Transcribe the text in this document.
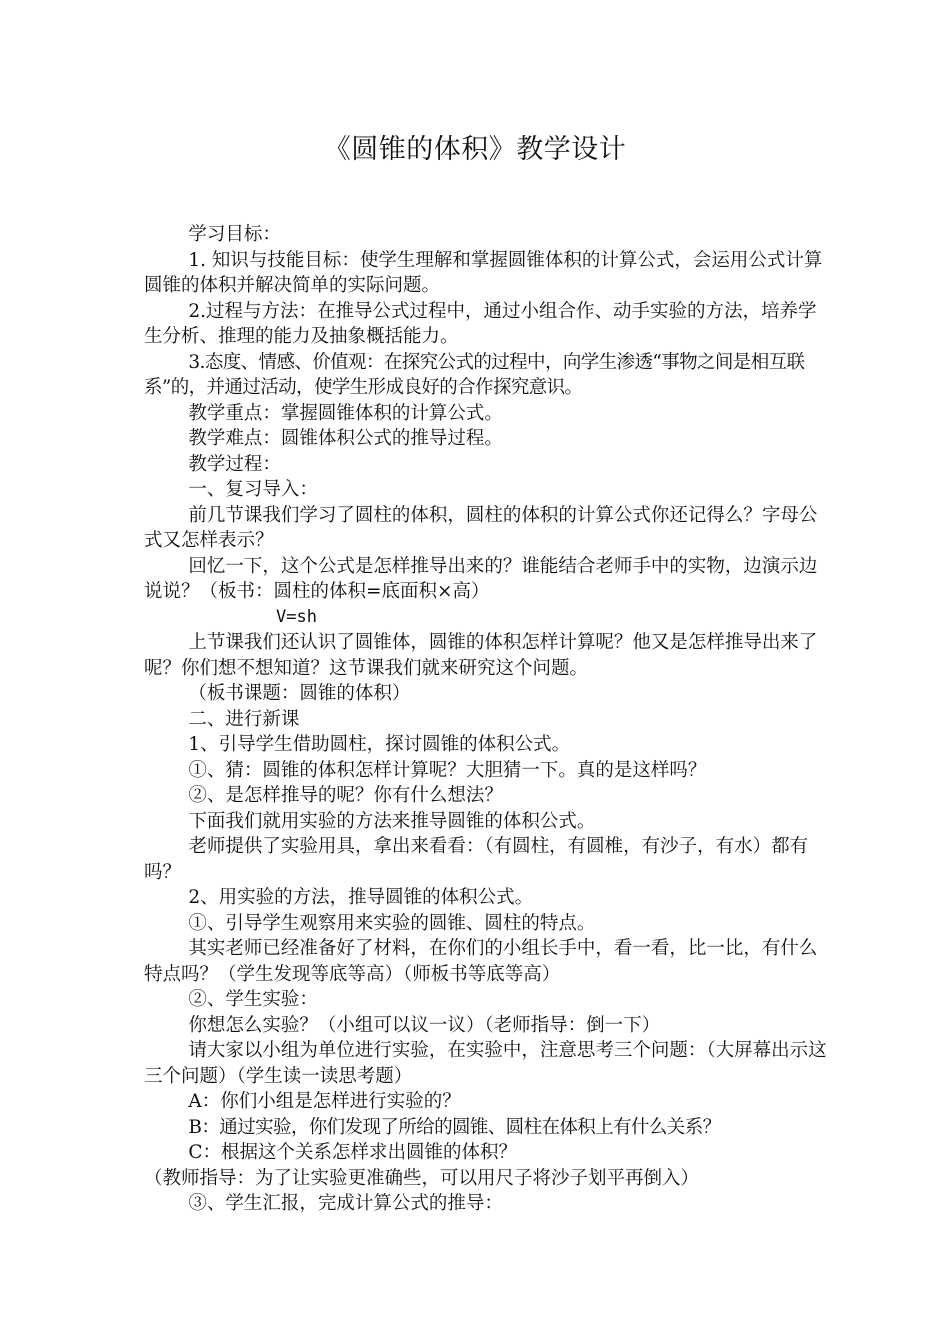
《圆锥的体积》教学设计

学习目标：

1. 知识与技能目标：使学生理解和掌握圆锥体积的计算公式，会运用公式计算圆锥的体积并解决简单的实际问题。

2.过程与方法：在推导公式过程中，通过小组合作、动手实验的方法，培养学生分析、推理的能力及抽象概括能力。

3.态度、情感、价值观：在探究公式的过程中，向学生渗透“事物之间是相互联系”的，并通过活动，使学生形成良好的合作探究意识。

教学重点：掌握圆锥体积的计算公式。

教学难点：圆锥体积公式的推导过程。

教学过程：

一、复习导入：

前几节课我们学习了圆柱的体积，圆柱的体积的计算公式你还记得么？字母公式又怎样表示？

回忆一下，这个公式是怎样推导出来的？谁能结合老师手中的实物，边演示边说说？（板书：圆柱的体积=底面积×高）

V=sh

上节课我们还认识了圆锥体，圆锥的体积怎样计算呢？他又是怎样推导出来了呢？你们想不想知道？这节课我们就来研究这个问题。

（板书课题：圆锥的体积）

二、进行新课

1、引导学生借助圆柱，探讨圆锥的体积公式。

①、猜：圆锥的体积怎样计算呢？大胆猜一下。真的是这样吗？

②、是怎样推导的呢？你有什么想法？

下面我们就用实验的方法来推导圆锥的体积公式。

老师提供了实验用具，拿出来看看：（有圆柱，有圆椎，有沙子，有水）都有吗？

2、用实验的方法，推导圆锥的体积公式。

①、引导学生观察用来实验的圆锥、圆柱的特点。

其实老师已经准备好了材料，在你们的小组长手中，看一看，比一比，有什么特点吗？（学生发现等底等高）（师板书等底等高）

②、学生实验：

你想怎么实验？（小组可以议一议）（老师指导：倒一下）

请大家以小组为单位进行实验，在实验中，注意思考三个问题：（大屏幕出示这三个问题）（学生读一读思考题）

A：你们小组是怎样进行实验的？

B：通过实验，你们发现了所给的圆锥、圆柱在体积上有什么关系？

C：根据这个关系怎样求出圆锥的体积？

（教师指导：为了让实验更准确些，可以用尺子将沙子划平再倒入）

③、学生汇报，完成计算公式的推导：
